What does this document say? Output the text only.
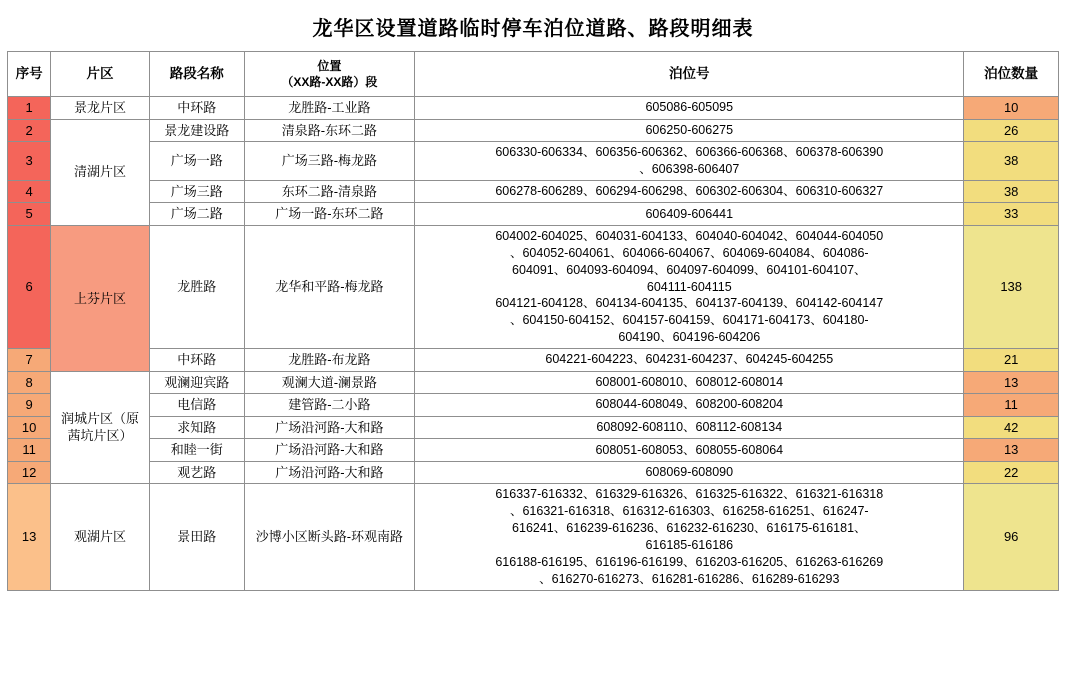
龙华区设置道路临时停车泊位道路、路段明细表
序号	片区	路段名称	位置
（XX路-XX路）段	泊位号	泊位数量
1	景龙片区	中环路	龙胜路-工业路	605086-605095	10
2	清湖片区	景龙建设路	清泉路-东环二路	606250-606275	26
3		广场一路	广场三路-梅龙路	606330-606334、606356-606362、606366-606368、606378-606390
、606398-606407	38
4		广场三路	东环二路-清泉路	606278-606289、606294-606298、606302-606304、606310-606327	38
5		广场二路	广场一路-东环二路	606409-606441	33
6	上芬片区	龙胜路	龙华和平路-梅龙路	
604002-604025、604031-604133、604040-604042、604044-604050
、604052-604061、604066-604067、604069-604084、604086-
604091、604093-604094、604097-604099、604101-604107、
604111-604115
604121-604128、604134-604135、604137-604139、604142-604147
、604150-604152、604157-604159、604171-604173、604180-
604190、604196-604206
	138
7		中环路	龙胜路-布龙路	604221-604223、604231-604237、604245-604255	21
8	润城片区（原
茜坑片区）	观澜迎宾路	观澜大道-澜景路	608001-608010、608012-608014	13
9		电信路	建管路-二小路	608044-608049、608200-608204	11
10		求知路	广场沿河路-大和路	608092-608110、608112-608134	42
11		和睦一街	广场沿河路-大和路	608051-608053、608055-608064	13
12		观艺路	广场沿河路-大和路	608069-608090	22
13	观湖片区	景田路	沙博小区断头路-环观南路	
616337-616332、616329-616326、616325-616322、616321-616318
、616321-616318、616312-616303、616258-616251、616247-
616241、616239-616236、616232-616230、616175-616181、
616185-616186
616188-616195、616196-616199、616203-616205、616263-616269
、616270-616273、616281-616286、616289-616293
	96
